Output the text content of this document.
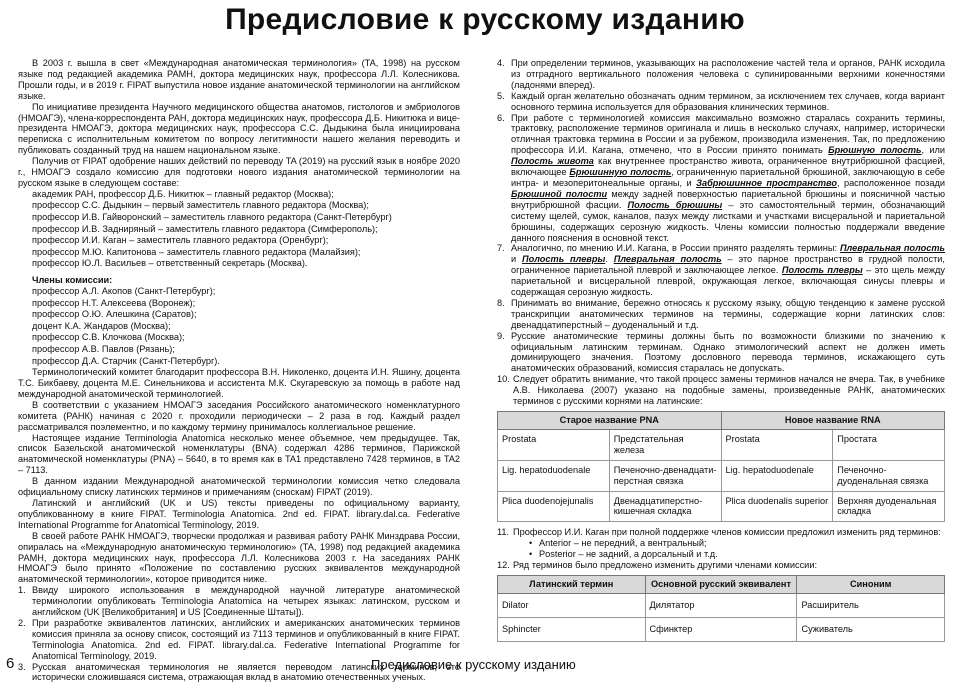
Предисловие к русскому изданию

В 2003 г. вышла в свет «Международная анатомическая терминология» (TA, 1998) на русском языке под редакцией академика РАМН, доктора медицинских наук, профессора Л.Л. Колесникова. Прошли годы, и в 2019 г. FIPAT выпустила новое издание анатомической терминологии на английском языке.

По инициативе президента Научного медицинского общества анатомов, гистологов и эмбриологов (НМОАГЭ), члена-корреспондента РАН, доктора медицинских наук, профессора Д.Б. Никитюка и вице-президента НМОАГЭ, доктора медицинских наук, профессора С.С. Дыдыкина была инициирована переписка с исполнительным комитетом по вопросу легитимности нашего желания переводить и публиковать созданный труд на нашем национальном языке.

Получив от FIPAT одобрение наших действий по переводу TA (2019) на русский язык в ноябре 2020 г., НМОАГЭ создало комиссию для подготовки нового издания анатомической терминологии на русском языке в следующем составе:

академик РАН, профессор Д.Б. Никитюк – главный редактор (Москва);
профессор С.С. Дыдыкин – первый заместитель главного редактора (Москва);
профессор И.В. Гайворонский – заместитель главного редактора (Санкт-Петербург)
профессор И.В. Задниряный – заместитель главного редактора (Симферополь);
профессор И.И. Каган – заместитель главного редактора (Оренбург);
профессор М.Ю. Капитонова – заместитель главного редактора (Малайзия);
профессор Ю.Л. Васильев – ответственный секретарь (Москва).

Члены комиссии:

профессор А.Л. Акопов (Санкт-Петербург);
профессор Н.Т. Алексеева (Воронеж);
профессор О.Ю. Алешкина (Саратов);
доцент К.А. Жандаров (Москва);
профессор С.В. Клочкова (Москва);
профессор А.В. Павлов (Рязань);
профессор Д.А. Старчик (Санкт-Петербург).

Терминологический комитет благодарит профессора В.Н. Николенко, доцента И.Н. Яшину, доцента Т.С. Бикбаеву, доцента М.Е. Синельникова и ассистента М.К. Скугаревскую за помощь в работе над международной анатомической терминологией.

В соответствии с указанием НМОАГЭ заседания Российского анатомического номенклатурного комитета (РАНК) начиная с 2020 г. проходили периодически – 2 раза в год. Каждый раздел рассматривался поэлементно, и по каждому термину принималось коллегиальное решение.

Настоящее издание Terminologia Anatomica несколько менее объемное, чем предыдущее. Так, список Базельской анатомической номенклатуры (BNA) содержал 4286 терминов, Парижской анатомической номенклатуры (PNA) – 5640, в то время как в TA1 представлено 7428 терминов, в TA2 – 7113.

В данном издании Международной анатомической терминологии комиссия четко следовала официальному списку латинских терминов и примечаниям (сноскам) FIPAT (2019).

Латинский и английский (UK и US) тексты приведены по официальному варианту, опубликованному в книге FIPAT. Terminologia Anatomica. 2nd ed. FIPAT. library.dal.ca. Federative International Programme for Anatomical Terminology, 2019.

В своей работе РАНК НМОАГЭ, творчески продолжая и развивая работу РАНК Минздрава России, опиралась на «Международную анатомическую терминологию» (TA, 1998) под редакцией академика РАМН, доктора медицинских наук, профессора Л.Л. Колесникова 2003 г. На заседаниях РАНК НМОАГЭ было принято «Положение по составлению русских эквивалентов международной анатомической терминологии», которое приводится ниже.

1. Ввиду широкого использования в международной научной литературе анатомической терминологии опубликовать Terminologia Anatomica на четырех языках: латинском, русском и английском (UK [Великобритания] и US [Соединенные Штаты]).
2. При разработке эквивалентов латинских, английских и американских анатомических терминов комиссия приняла за основу список, состоящий из 7113 терминов и опубликованный в книге FIPAT. Terminologia Anatomica. 2nd ed. FIPAT. library.dal.ca. Federative International Programme for Anatomical Terminology, 2019.
3. Русская анатомическая терминология не является переводом латинских терминов, это исторически сложившаяся система, отражающая вклад в анатомию отечественных ученых.
4. При определении терминов, указывающих на расположение частей тела и органов, РАНК исходила из отградного вертикального положения человека с супинированными верхними конечностями (ладонями вперед).
5. Каждый орган желательно обозначать одним термином, за исключением тех случаев, когда вариант основного термина используется для образования клинических терминов.
6. При работе с терминологией комиссия максимально возможно старалась сохранить термины, трактовку, расположение терминов оригинала и лишь в несколько случаях, например, исторически отличная трактовка термина в России и за рубежом, производила изменения. Так, по предложению профессора И.И. Кагана, отмечено, что в России принято понимать Брюшную полость, или Полость живота как внутреннее пространство живота, ограниченное внутрибрюшной фасцией, включающее Брюшинную полость, ограниченную париетальной брюшиной, заключающую в себе интра- и мезоперитонеальные органы, и Забрюшинное пространство, расположенное позади Брюшиной полости между задней поверхностью париетальной брюшины и поясничной частью внутрибрюшной фасции. Полость брюшины – это самостоятельный термин, обозначающий систему щелей, сумок, каналов, пазух между листками и участками висцеральной и париетальной брюшины, содержащих серозную жидкость. Члены комиссии полностью поддержали введение данного пояснения в основной текст.
7. Аналогично, по мнению И.И. Кагана, в России принято разделять термины: Плевральная полость и Полость плевры. Плевральная полость – это парное пространство в грудной полости, ограниченное париетальной плеврой и заключающее легкое. Полость плевры – это щель между париетальной и висцеральной плеврой, окружающая легкое, включающая синусы плевры и содержащая серозную жидкость.
8. Принимать во внимание, бережно относясь к русскому языку, общую тенденцию к замене русской транскрипции анатомических терминов на термины, содержащие корни латинских слов: двенадцатиперстный – дуоденальный и т.д.
9. Русские анатомические термины должны быть по возможности близкими по значению к официальным латинским терминам. Однако этимологический аспект не должен иметь доминирующего значения. Поэтому дословного перевода терминов, искажающего суть анатомических образований, комиссия старалась не допускать.
10. Следует обратить внимание, что такой процесс замены терминов начался не вчера. Так, в учебнике А.В. Николаева (2007) указано на подобные замены, произведенные РАНК, анатомических терминов с русскими корнями на латинские:
Старое название PNA		Новое название RNA	
Prostata	Предстательная железа	Prostata	Простата
Lig. hepatoduodenale	Печеночно-двенадцати-перстная связка	Lig. hepatoduodenale	Печеночно-дуоденальная связка
Plica duodenojejunalis	Двенадцатиперстно-кишечная складка	Plica duodenalis superior	Верхняя дуоденальная складка
11. Профессор И.И. Каган при полной поддержке членов комиссии предложил изменить ряд терминов:
• Anterior – не передний, а вентральный;
• Posterior – не задний, а дорсальный и т.д.
12. Ряд терминов было предложено изменить другими членами комиссии:
Латинский термин	Основной русский эквивалент	Синоним
Dilator	Дилятатор	Расширитель
Sphincter	Сфинктер	Суживатель
6	Предисловие к русскому изданию
